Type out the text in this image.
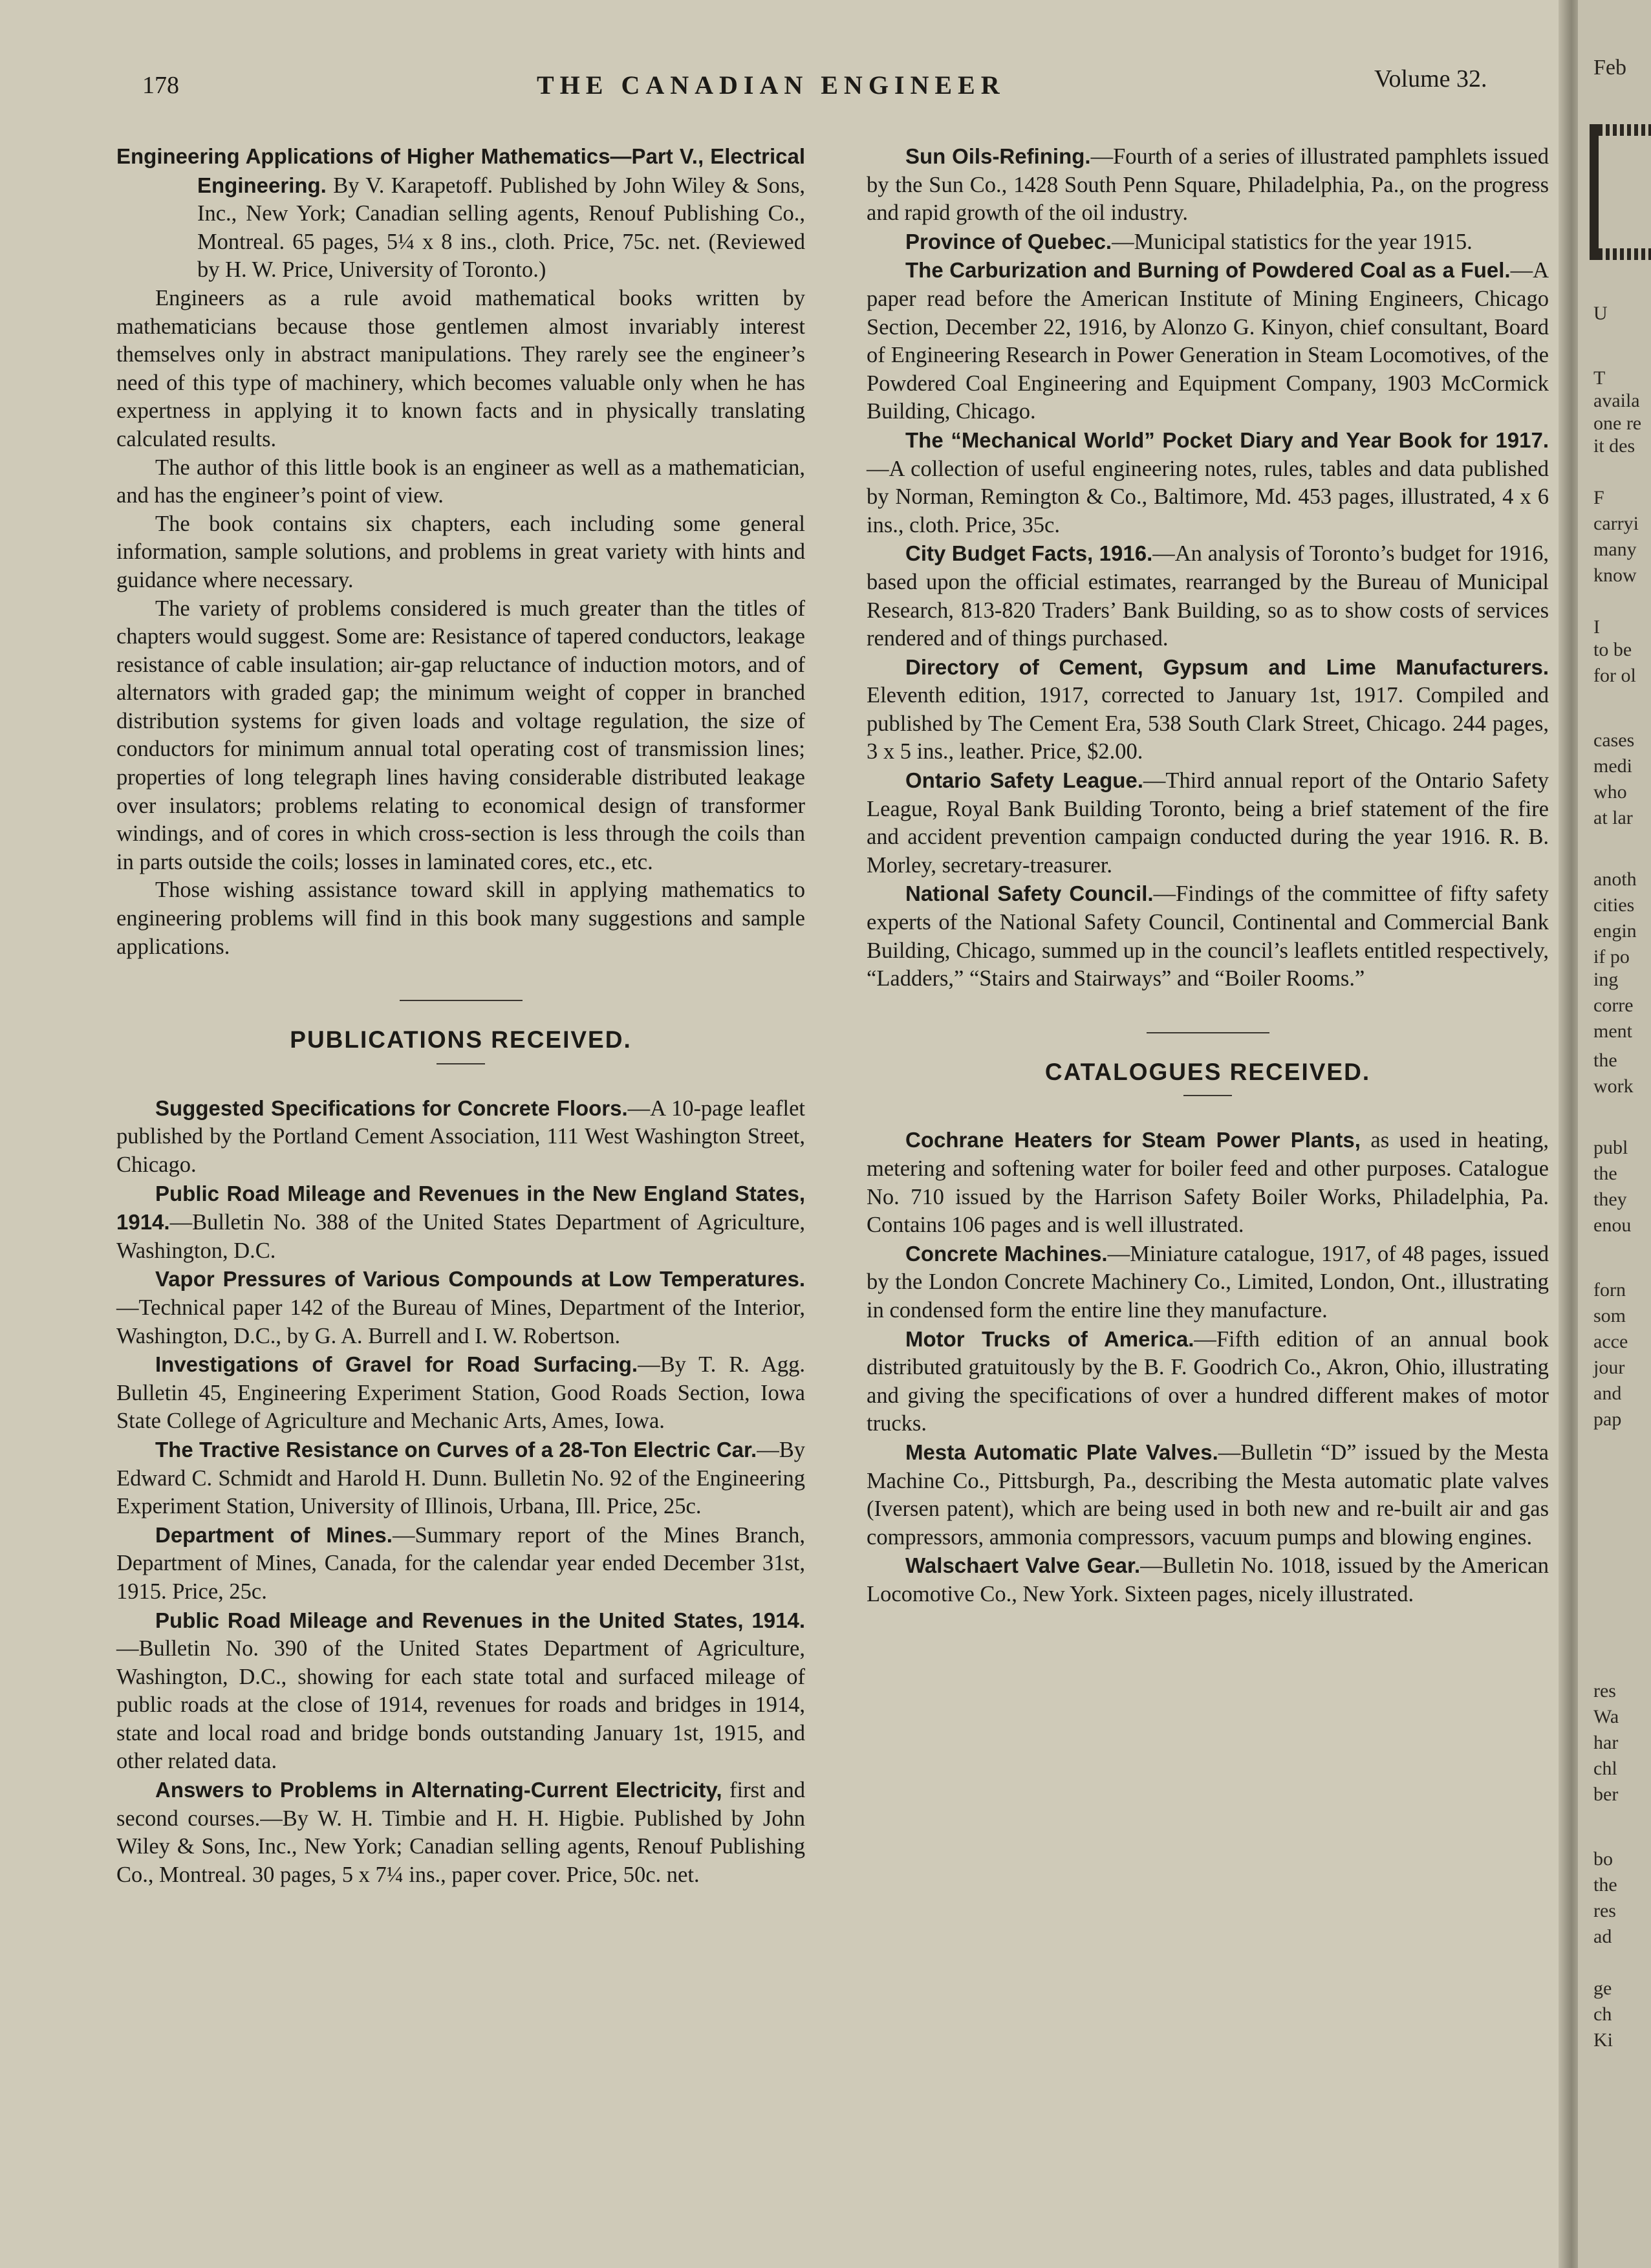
178	THE CANADIAN ENGINEER	Volume 32.

Engineering Applications of Higher Mathematics—Part V., Electrical Engineering. By V. Karapetoff. Published by John Wiley & Sons, Inc., New York; Canadian selling agents, Renouf Publishing Co., Montreal. 65 pages, 5¼ x 8 ins., cloth. Price, 75c. net. (Reviewed by H. W. Price, University of Toronto.)

Engineers as a rule avoid mathematical books written by mathematicians because those gentlemen almost invariably interest themselves only in abstract manipulations. They rarely see the engineer’s need of this type of machinery, which becomes valuable only when he has expertness in applying it to known facts and in physically translating calculated results.

The author of this little book is an engineer as well as a mathematician, and has the engineer’s point of view.

The book contains six chapters, each including some general information, sample solutions, and problems in great variety with hints and guidance where necessary.

The variety of problems considered is much greater than the titles of chapters would suggest. Some are: Resistance of tapered conductors, leakage resistance of cable insulation; air-gap reluctance of induction motors, and of alternators with graded gap; the minimum weight of copper in branched distribution systems for given loads and voltage regulation, the size of conductors for minimum annual total operating cost of transmission lines; properties of long telegraph lines having considerable distributed leakage over insulators; problems relating to economical design of transformer windings, and of cores in which cross-section is less through the coils than in parts outside the coils; losses in laminated cores, etc., etc.

Those wishing assistance toward skill in applying mathematics to engineering problems will find in this book many suggestions and sample applications.

PUBLICATIONS RECEIVED.

Suggested Specifications for Concrete Floors.—A 10-page leaflet published by the Portland Cement Association, 111 West Washington Street, Chicago.

Public Road Mileage and Revenues in the New England States, 1914.—Bulletin No. 388 of the United States Department of Agriculture, Washington, D.C.

Vapor Pressures of Various Compounds at Low Temperatures.—Technical paper 142 of the Bureau of Mines, Department of the Interior, Washington, D.C., by G. A. Burrell and I. W. Robertson.

Investigations of Gravel for Road Surfacing.—By T. R. Agg. Bulletin 45, Engineering Experiment Station, Good Roads Section, Iowa State College of Agriculture and Mechanic Arts, Ames, Iowa.

The Tractive Resistance on Curves of a 28-Ton Electric Car.—By Edward C. Schmidt and Harold H. Dunn. Bulletin No. 92 of the Engineering Experiment Station, University of Illinois, Urbana, Ill. Price, 25c.

Department of Mines.—Summary report of the Mines Branch, Department of Mines, Canada, for the calendar year ended December 31st, 1915. Price, 25c.

Public Road Mileage and Revenues in the United States, 1914.—Bulletin No. 390 of the United States Department of Agriculture, Washington, D.C., showing for each state total and surfaced mileage of public roads at the close of 1914, revenues for roads and bridges in 1914, state and local road and bridge bonds outstanding January 1st, 1915, and other related data.

Answers to Problems in Alternating-Current Electricity, first and second courses.—By W. H. Timbie and H. H. Higbie. Published by John Wiley & Sons, Inc., New York; Canadian selling agents, Renouf Publishing Co., Montreal. 30 pages, 5 x 7¼ ins., paper cover. Price, 50c. net.

Sun Oils-Refining.—Fourth of a series of illustrated pamphlets issued by the Sun Co., 1428 South Penn Square, Philadelphia, Pa., on the progress and rapid growth of the oil industry.

Province of Quebec.—Municipal statistics for the year 1915.

The Carburization and Burning of Powdered Coal as a Fuel.—A paper read before the American Institute of Mining Engineers, Chicago Section, December 22, 1916, by Alonzo G. Kinyon, chief consultant, Board of Engineering Research in Power Generation in Steam Locomotives, of the Powdered Coal Engineering and Equipment Company, 1903 McCormick Building, Chicago.

The “Mechanical World” Pocket Diary and Year Book for 1917.—A collection of useful engineering notes, rules, tables and data published by Norman, Remington & Co., Baltimore, Md. 453 pages, illustrated, 4 x 6 ins., cloth. Price, 35c.

City Budget Facts, 1916.—An analysis of Toronto’s budget for 1916, based upon the official estimates, rearranged by the Bureau of Municipal Research, 813-820 Traders’ Bank Building, so as to show costs of services rendered and of things purchased.

Directory of Cement, Gypsum and Lime Manufacturers. Eleventh edition, 1917, corrected to January 1st, 1917. Compiled and published by The Cement Era, 538 South Clark Street, Chicago. 244 pages, 3 x 5 ins., leather. Price, $2.00.

Ontario Safety League.—Third annual report of the Ontario Safety League, Royal Bank Building Toronto, being a brief statement of the fire and accident prevention campaign conducted during the year 1916. R. B. Morley, secretary-treasurer.

National Safety Council.—Findings of the committee of fifty safety experts of the National Safety Council, Continental and Commercial Bank Building, Chicago, summed up in the council’s leaflets entitled respectively, “Ladders,” “Stairs and Stairways” and “Boiler Rooms.”

CATALOGUES RECEIVED.

Cochrane Heaters for Steam Power Plants, as used in heating, metering and softening water for boiler feed and other purposes. Catalogue No. 710 issued by the Harrison Safety Boiler Works, Philadelphia, Pa. Contains 106 pages and is well illustrated.

Concrete Machines.—Miniature catalogue, 1917, of 48 pages, issued by the London Concrete Machinery Co., Limited, London, Ont., illustrating in condensed form the entire line they manufacture.

Motor Trucks of America.—Fifth edition of an annual book distributed gratuitously by the B. F. Goodrich Co., Akron, Ohio, illustrating and giving the specifications of over a hundred different makes of motor trucks.

Mesta Automatic Plate Valves.—Bulletin “D” issued by the Mesta Machine Co., Pittsburgh, Pa., describing the Mesta automatic plate valves (Iversen patent), which are being used in both new and re-built air and gas compressors, ammonia compressors, vacuum pumps and blowing engines.

Walschaert Valve Gear.—Bulletin No. 1018, issued by the American Locomotive Co., New York. Sixteen pages, nicely illustrated.

Feb
U
T
availa
one re
it des
F
carryi
many
know
I
to be
for ol
cases
medi
who
at lar
anoth
cities
engin
if po
ing
corre
ment
the
work
publ
the
they
enou
forn
som
acce
jour
and
pap
res
Wa
har
chl
ber
bo
the
res
ad
ge
ch
Ki
